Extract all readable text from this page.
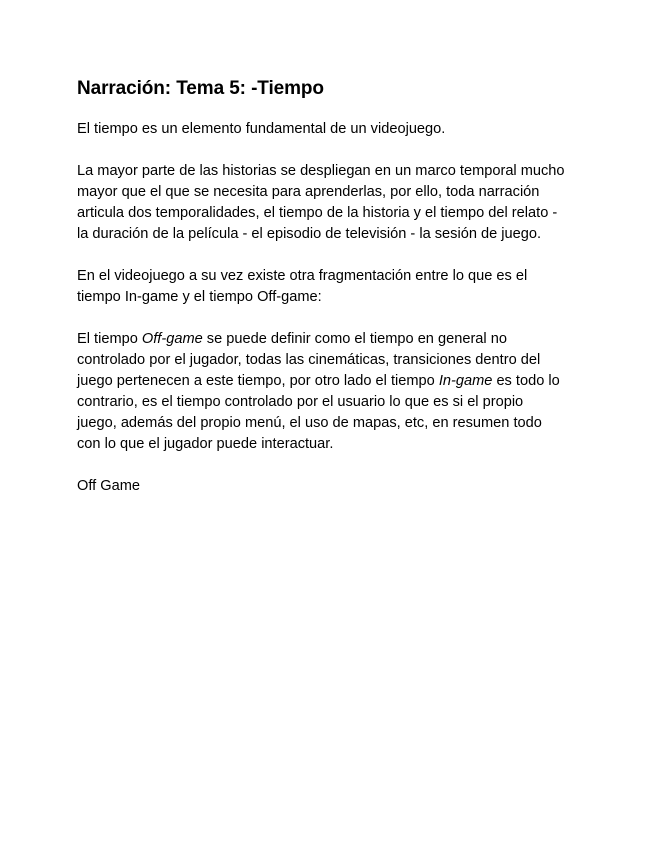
Narración: Tema 5: -Tiempo

El tiempo es un elemento fundamental de un videojuego.

La mayor parte de las historias se despliegan en un marco temporal mucho
mayor que el que se necesita para aprenderlas, por ello, toda narración
articula dos temporalidades, el tiempo de la historia y el tiempo del relato -
la duración de la película - el episodio de televisión - la sesión de juego.

En el videojuego a su vez existe otra fragmentación entre lo que es el
tiempo In-game y el tiempo Off-game:

El tiempo Off-game se puede definir como el tiempo en general no
controlado por el jugador, todas las cinemáticas, transiciones dentro del
juego pertenecen a este tiempo, por otro lado el tiempo In-game es todo lo
contrario, es el tiempo controlado por el usuario lo que es si el propio
juego, además del propio menú, el uso de mapas, etc, en resumen todo
con lo que el jugador puede interactuar.

Off Game
